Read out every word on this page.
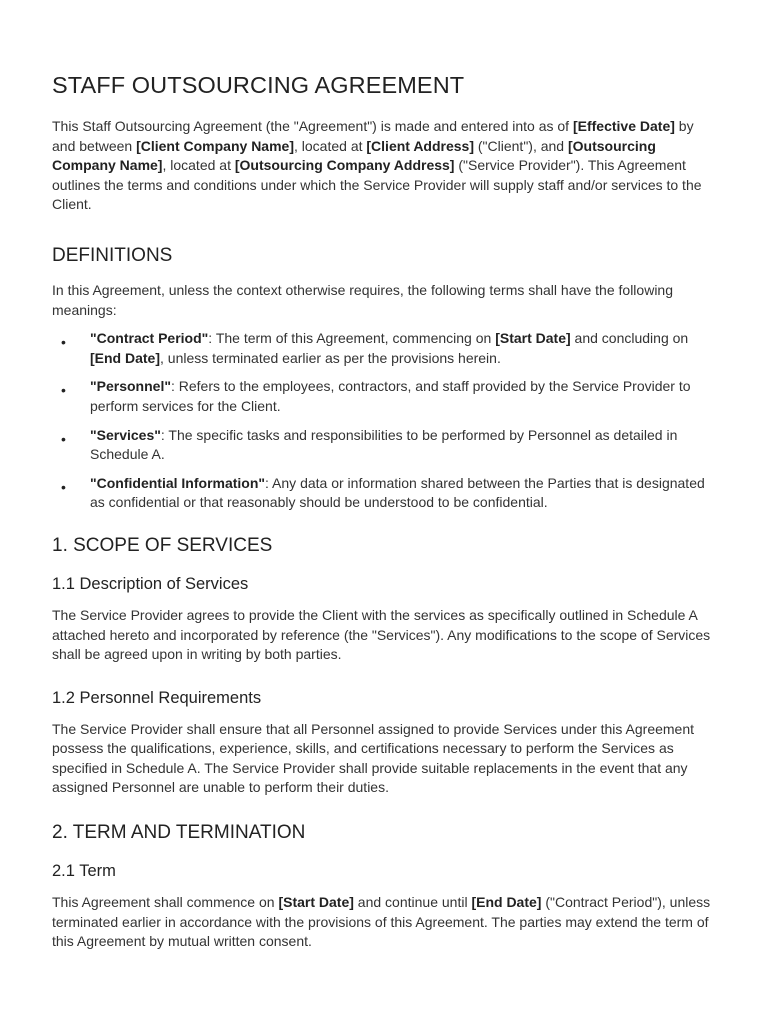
STAFF OUTSOURCING AGREEMENT

This Staff Outsourcing Agreement (the "Agreement") is made and entered into as of [Effective Date] by and between [Client Company Name], located at [Client Address] ("Client"), and [Outsourcing Company Name], located at [Outsourcing Company Address] ("Service Provider"). This Agreement outlines the terms and conditions under which the Service Provider will supply staff and/or services to the Client.

DEFINITIONS

In this Agreement, unless the context otherwise requires, the following terms shall have the following meanings:

• "Contract Period": The term of this Agreement, commencing on [Start Date] and concluding on [End Date], unless terminated earlier as per the provisions herein.
• "Personnel": Refers to the employees, contractors, and staff provided by the Service Provider to perform services for the Client.
• "Services": The specific tasks and responsibilities to be performed by Personnel as detailed in Schedule A.
• "Confidential Information": Any data or information shared between the Parties that is designated as confidential or that reasonably should be understood to be confidential.
1. SCOPE OF SERVICES
1.1 Description of Services

The Service Provider agrees to provide the Client with the services as specifically outlined in Schedule A attached hereto and incorporated by reference (the "Services"). Any modifications to the scope of Services shall be agreed upon in writing by both parties.

1.2 Personnel Requirements

The Service Provider shall ensure that all Personnel assigned to provide Services under this Agreement possess the qualifications, experience, skills, and certifications necessary to perform the Services as specified in Schedule A. The Service Provider shall provide suitable replacements in the event that any assigned Personnel are unable to perform their duties.

2. TERM AND TERMINATION
2.1 Term

This Agreement shall commence on [Start Date] and continue until [End Date] ("Contract Period"), unless terminated earlier in accordance with the provisions of this Agreement. The parties may extend the term of this Agreement by mutual written consent.
